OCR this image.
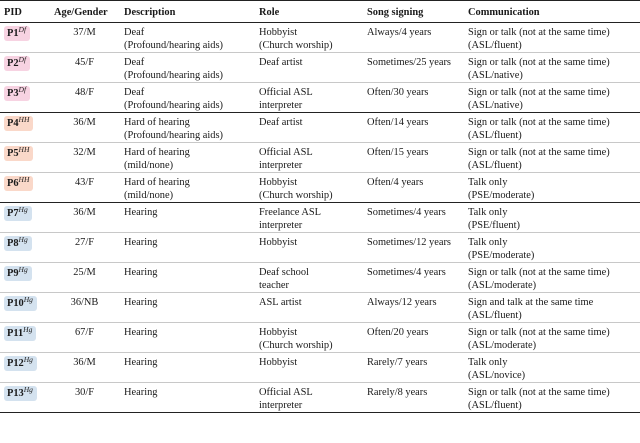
PID	Age/Gender	Description	Role	Song signing	Communication
$P1^{Df}$	37/M	Deaf
(Profound/hearing aids)	Hobbyist
(Church worship)	Always/4 years	Sign or talk (not at the same time)
(ASL/fluent)
$P2^{Df}$	45/F	Deaf
(Profound/hearing aids)	Deaf artist	Sometimes/25 years	Sign or talk (not at the same time)
(ASL/native)
$P3^{Df}$	48/F	Deaf
(Profound/hearing aids)	Official ASL
interpreter	Often/30 years	Sign or talk (not at the same time)
(ASL/native)
$P4^{HH}$	36/M	Hard of hearing
(Profound/hearing aids)	Deaf artist	Often/14 years	Sign or talk (not at the same time)
(ASL/fluent)
$P5^{HH}$	32/M	Hard of hearing
(mild/none)	Official ASL
interpreter	Often/15 years	Sign or talk (not at the same time)
(ASL/fluent)
$P6^{HH}$	43/F	Hard of hearing
(mild/none)	Hobbyist
(Church worship)	Often/4 years	Talk only
(PSE/moderate)
$P7^{Hg}$	36/M	Hearing	Freelance ASL
interpreter	Sometimes/4 years	Talk only
(PSE/fluent)
$P8^{Hg}$	27/F	Hearing	Hobbyist	Sometimes/12 years	Talk only
(PSE/moderate)
$P9^{Hg}$	25/M	Hearing	Deaf school
teacher	Sometimes/4 years	Sign or talk (not at the same time)
(ASL/moderate)
$P10^{Hg}$	36/NB	Hearing	ASL artist	Always/12 years	Sign and talk at the same time
(ASL/fluent)
$P11^{Hg}$	67/F	Hearing	Hobbyist
(Church worship)	Often/20 years	Sign or talk (not at the same time)
(ASL/moderate)
$P12^{Hg}$	36/M	Hearing	Hobbyist	Rarely/7 years	Talk only
(ASL/novice)
$P13^{Hg}$	30/F	Hearing	Official ASL
interpreter	Rarely/8 years	Sign or talk (not at the same time)
(ASL/fluent)
